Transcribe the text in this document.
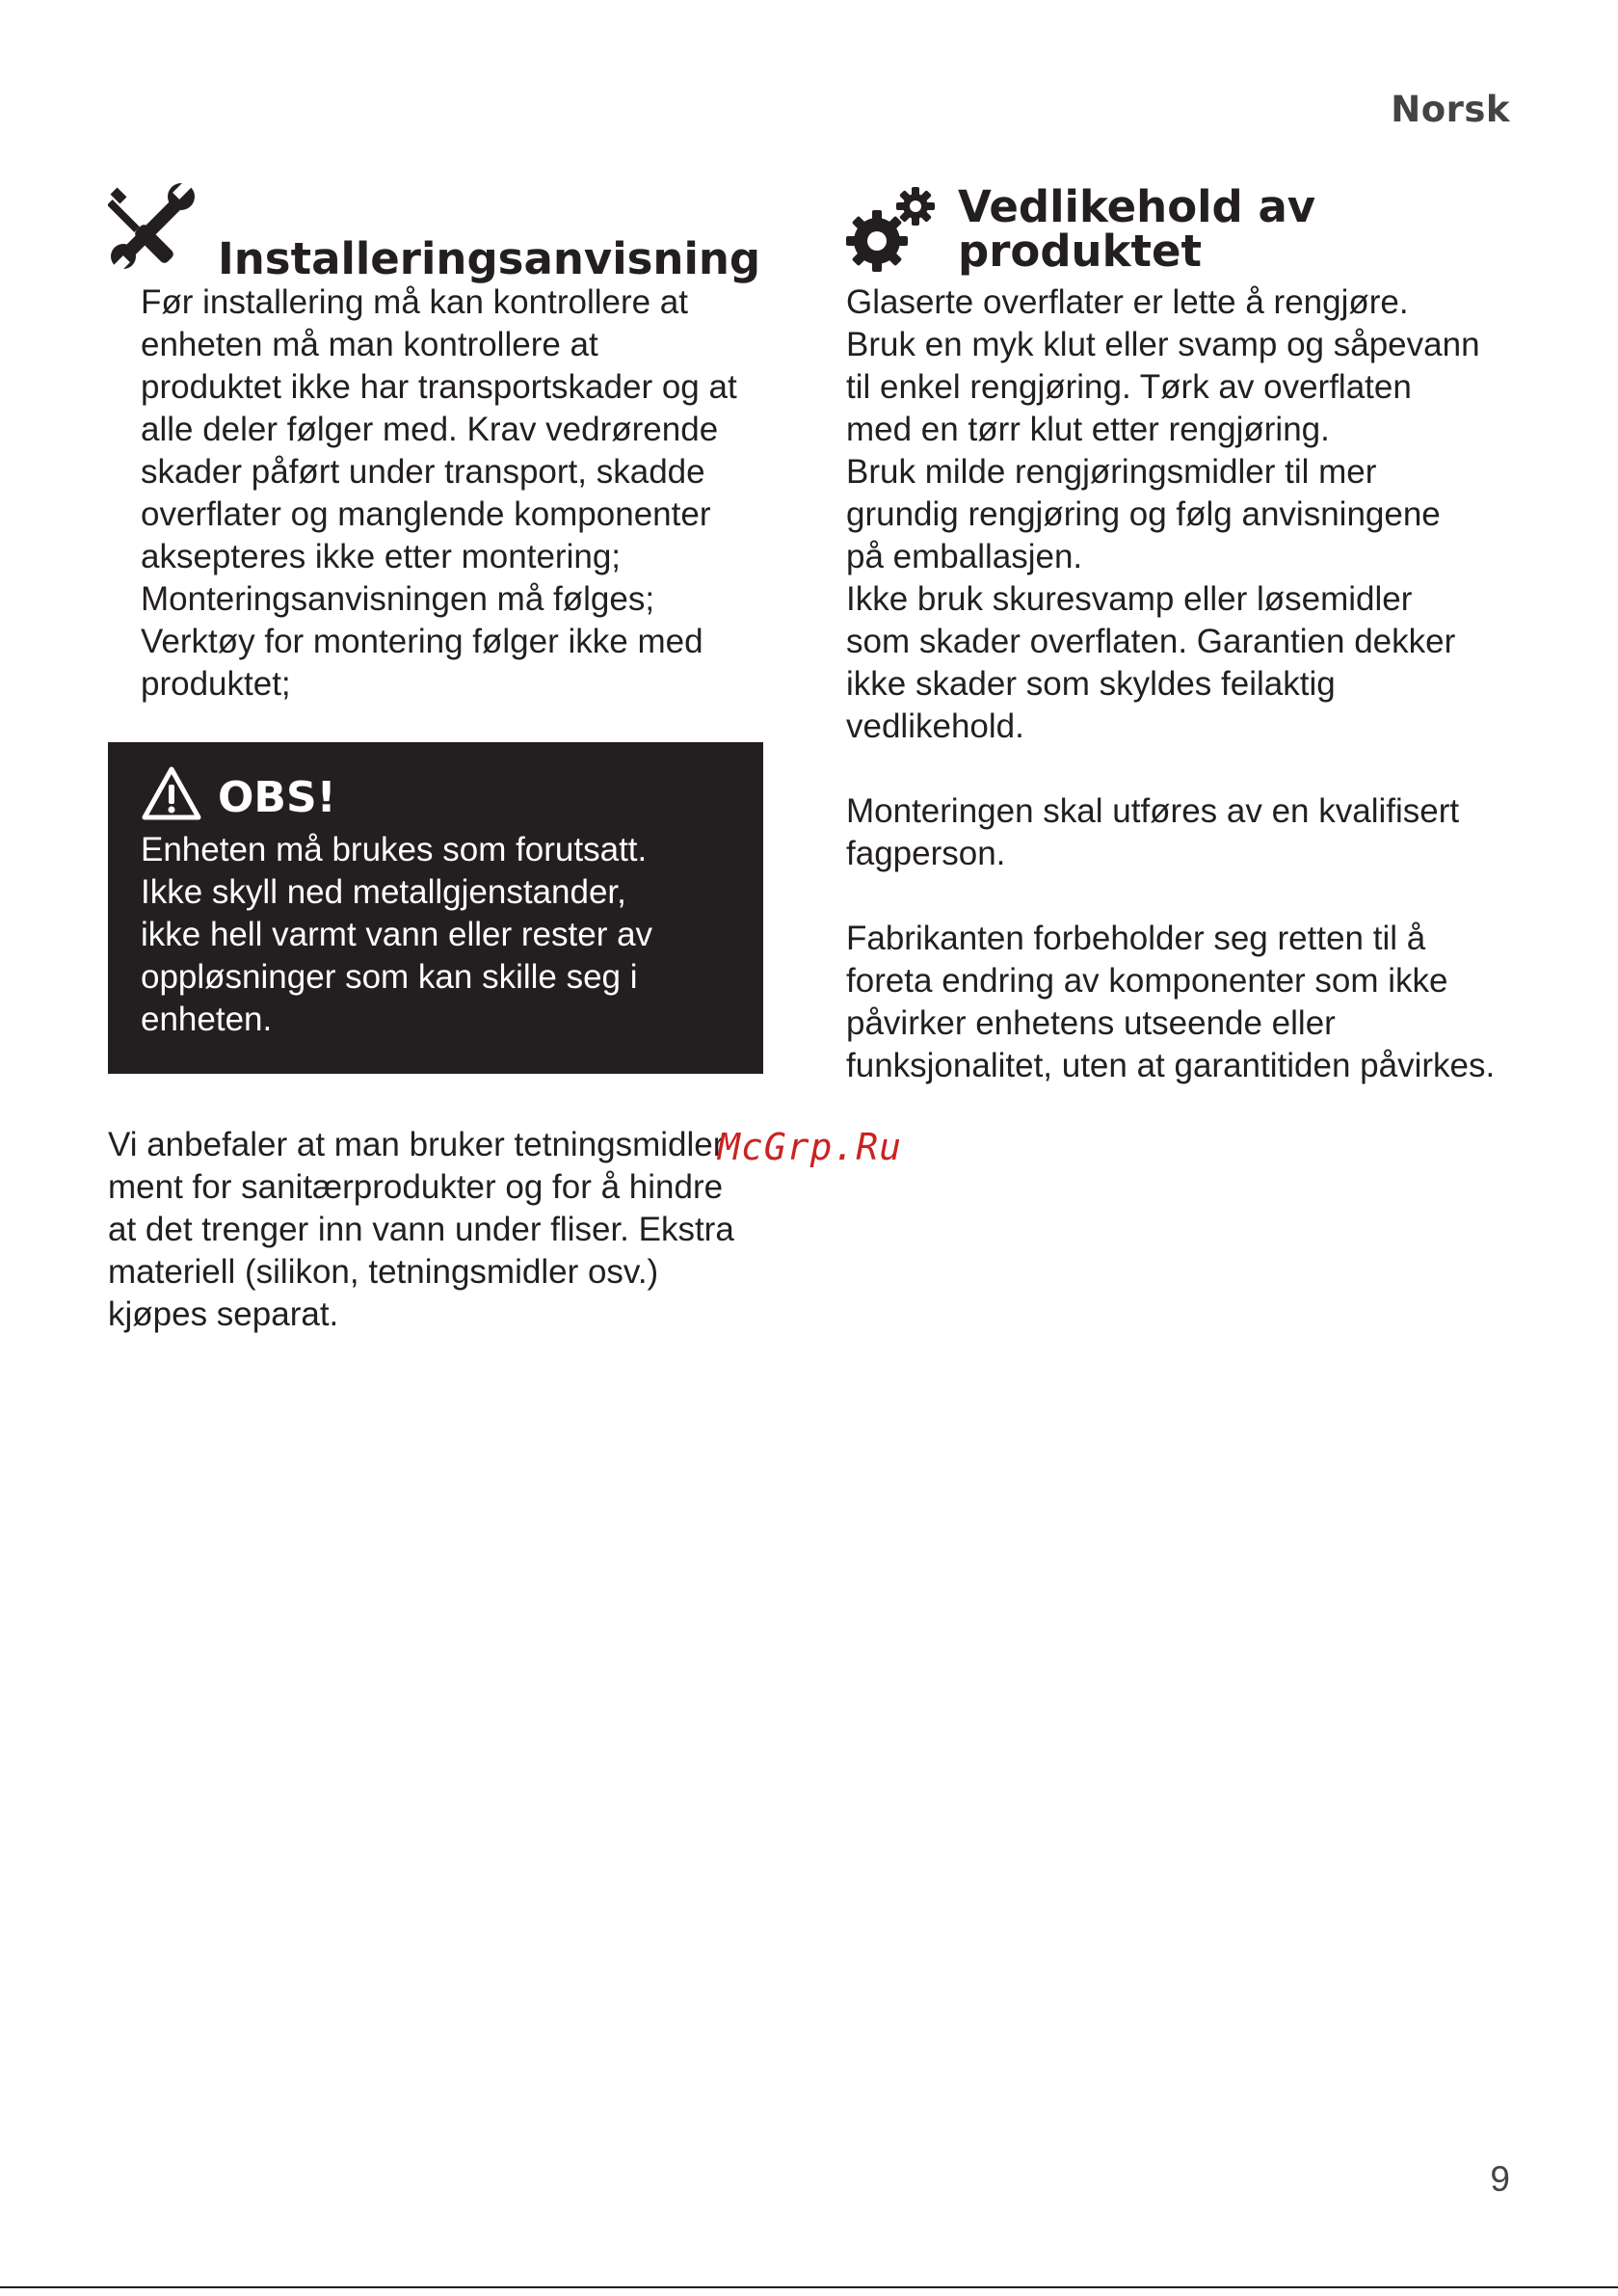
Norsk
Installeringsanvisning

Før installering må kan kontrollere at
enheten må man kontrollere at
produktet ikke har transportskader og at
alle deler følger med. Krav vedrørende
skader påført under transport, skadde
overflater og manglende komponenter
aksepteres ikke etter montering;
Monteringsanvisningen må følges;
Verktøy for montering følger ikke med
produktet;

OBS!

Enheten må brukes som forutsatt.
Ikke skyll ned metallgjenstander,
ikke hell varmt vann eller rester av
oppløsninger som kan skille seg i
enheten.

Vi anbefaler at man bruker tetningsmidler
ment for sanitærprodukter og for å hindre
at det trenger inn vann under fliser. Ekstra
materiell (silikon, tetningsmidler osv.)
kjøpes separat.

Vedlikehold av
produktet

Glaserte overflater er lette å rengjøre.
Bruk en myk klut eller svamp og såpevann
til enkel rengjøring. Tørk av overflaten
med en tørr klut etter rengjøring.
Bruk milde rengjøringsmidler til mer
grundig rengjøring og følg anvisningene
på emballasjen.
Ikke bruk skuresvamp eller løsemidler
som skader overflaten. Garantien dekker
ikke skader som skyldes feilaktig
vedlikehold.

Monteringen skal utføres av en kvalifisert
fagperson.

Fabrikanten forbeholder seg retten til å
foreta endring av komponenter som ikke
påvirker enhetens utseende eller
funksjonalitet, uten at garantitiden påvirkes.

McGrp.Ru
9
